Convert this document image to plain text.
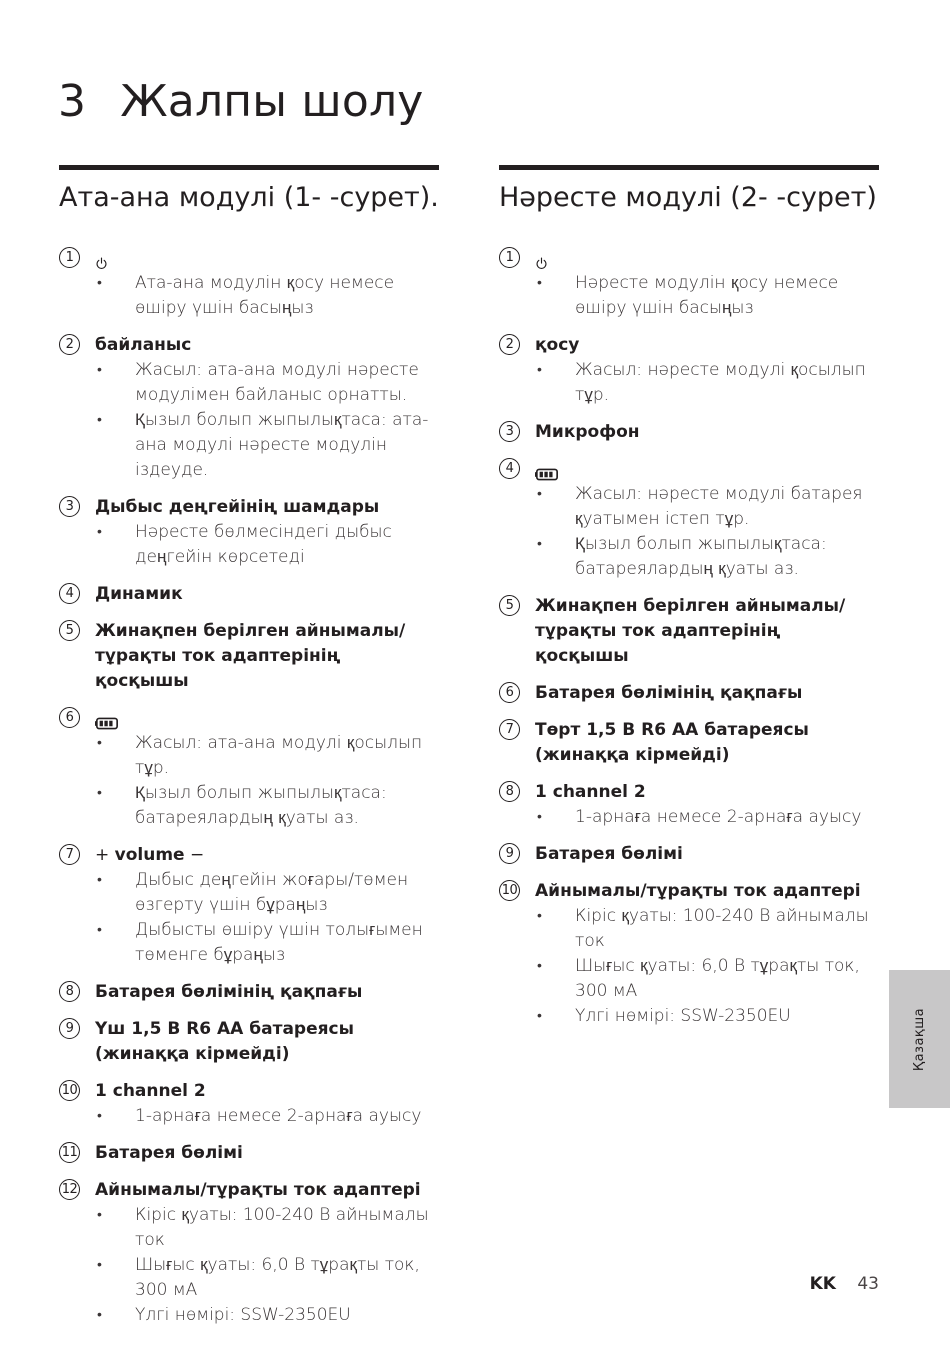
3 Жалпы шолу
Ата-ана модулі (1- -сурет).
1
• Ата-ана модулін қосу немесе өшіру үшін басыңыз
2	байланыс
• Жасыл: ата-ана модулі нәресте модулімен байланыс орнатты.
• Қызыл болып жыпылықтаса: ата-ана модулі нәресте модулін іздеуде.
3	Дыбыс деңгейінің шамдары
• Нәресте бөлмесіндегі дыбыс деңгейін көрсетеді
4	Динамик
5	Жинақпен берілген айнымалы/тұрақты ток адаптерінің қосқышы
6
• Жасыл: ата-ана модулі қосылып тұр.
• Қызыл болып жыпылықтаса: батареялардың қуаты аз.
7	+ volume −
• Дыбыс деңгейін жоғары/төмен өзгерту үшін бұраңыз
• Дыбысты өшіру үшін толығымен төменге бұраңыз
8	Батарея бөлімінің қақпағы
9	Үш 1,5 В R6 AA батареясы (жинаққа кірмейді)
10 1 channel 2
• 1-арнаға немесе 2-арнаға ауысу
11 Батарея бөлімі
12 Айнымалы/тұрақты ток адаптері
• Кіріс қуаты: 100-240 В айнымалы ток
• Шығыс қуаты: 6,0 В тұрақты ток, 300 мА
• Үлгі нөмірі: SSW-2350EU
Нәресте модулі (2- -сурет)
1
• Нәресте модулін қосу немесе өшіру үшін басыңыз
2	қосу
• Жасыл: нәресте модулі қосылып тұр.
3	Микрофон
4
• Жасыл: нәресте модулі батарея қуатымен істеп тұр.
• Қызыл болып жыпылықтаса: батареялардың қуаты аз.
5	Жинақпен берілген айнымалы/тұрақты ток адаптерінің қосқышы
6	Батарея бөлімінің қақпағы
7	Төрт 1,5 В R6 AA батареясы (жинаққа кірмейді)
8	1 channel 2
• 1-арнаға немесе 2-арнаға ауысу
9	Батарея бөлімі
10 Айнымалы/тұрақты ток адаптері
• Кіріс қуаты: 100-240 В айнымалы ток
• Шығыс қуаты: 6,0 В тұрақты ток, 300 мА
• Үлгі нөмірі: SSW-2350EU	Қазақша
KK 43
